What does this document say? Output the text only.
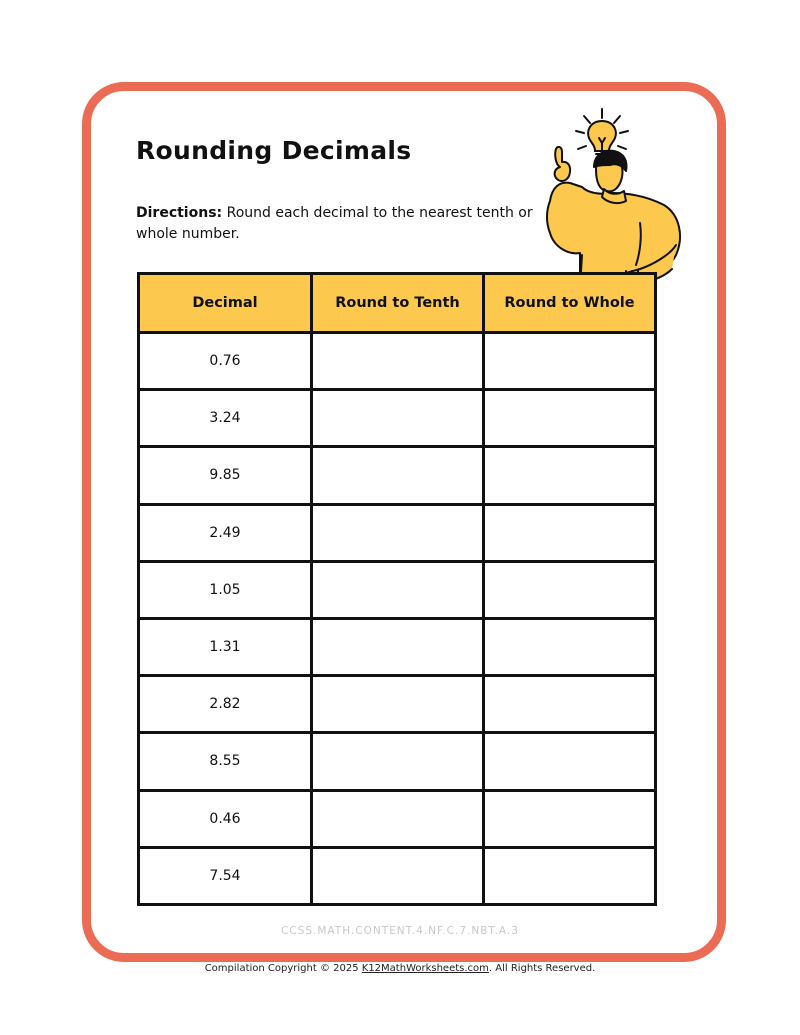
Rounding Decimals
Directions: Round each decimal to the nearest tenth or whole number.
Decimal	Round to Tenth	Round to Whole
0.76		
3.24		
9.85		
2.49		
1.05		
1.31		
2.82		
8.55		
0.46		
7.54		
CCSS.MATH.CONTENT.4.NF.C.7.NBT.A.3
Compilation Copyright © 2025 K12MathWorksheets.com. All Rights Reserved.
